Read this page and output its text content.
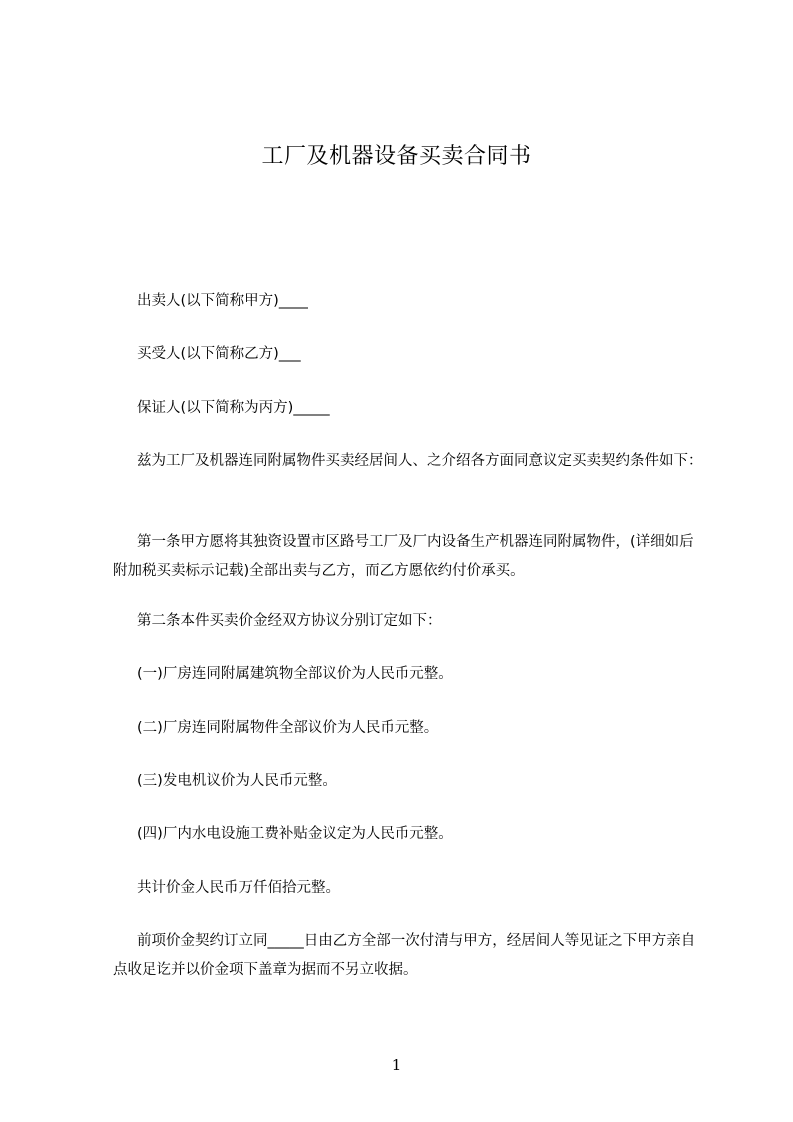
工厂及机器设备买卖合同书
出卖人(以下简称甲方)____
买受人(以下简称乙方)___
保证人(以下简称为丙方)_____
兹为工厂及机器连同附属物件买卖经居间人、之介绍各方面同意议定买卖契约条件如下：
第一条甲方愿将其独资设置市区路号工厂及厂内设备生产机器连同附属物件，(详细如后附加税买卖标示记载)全部出卖与乙方，而乙方愿依约付价承买。
第二条本件买卖价金经双方协议分别订定如下：
(一)厂房连同附属建筑物全部议价为人民币元整。
(二)厂房连同附属物件全部议价为人民币元整。
(三)发电机议价为人民币元整。
(四)厂内水电设施工费补贴金议定为人民币元整。
共计价金人民币万仟佰拾元整。
前项价金契约订立同_____日由乙方全部一次付清与甲方，经居间人等见证之下甲方亲自点收足讫并以价金项下盖章为据而不另立收据。
1
